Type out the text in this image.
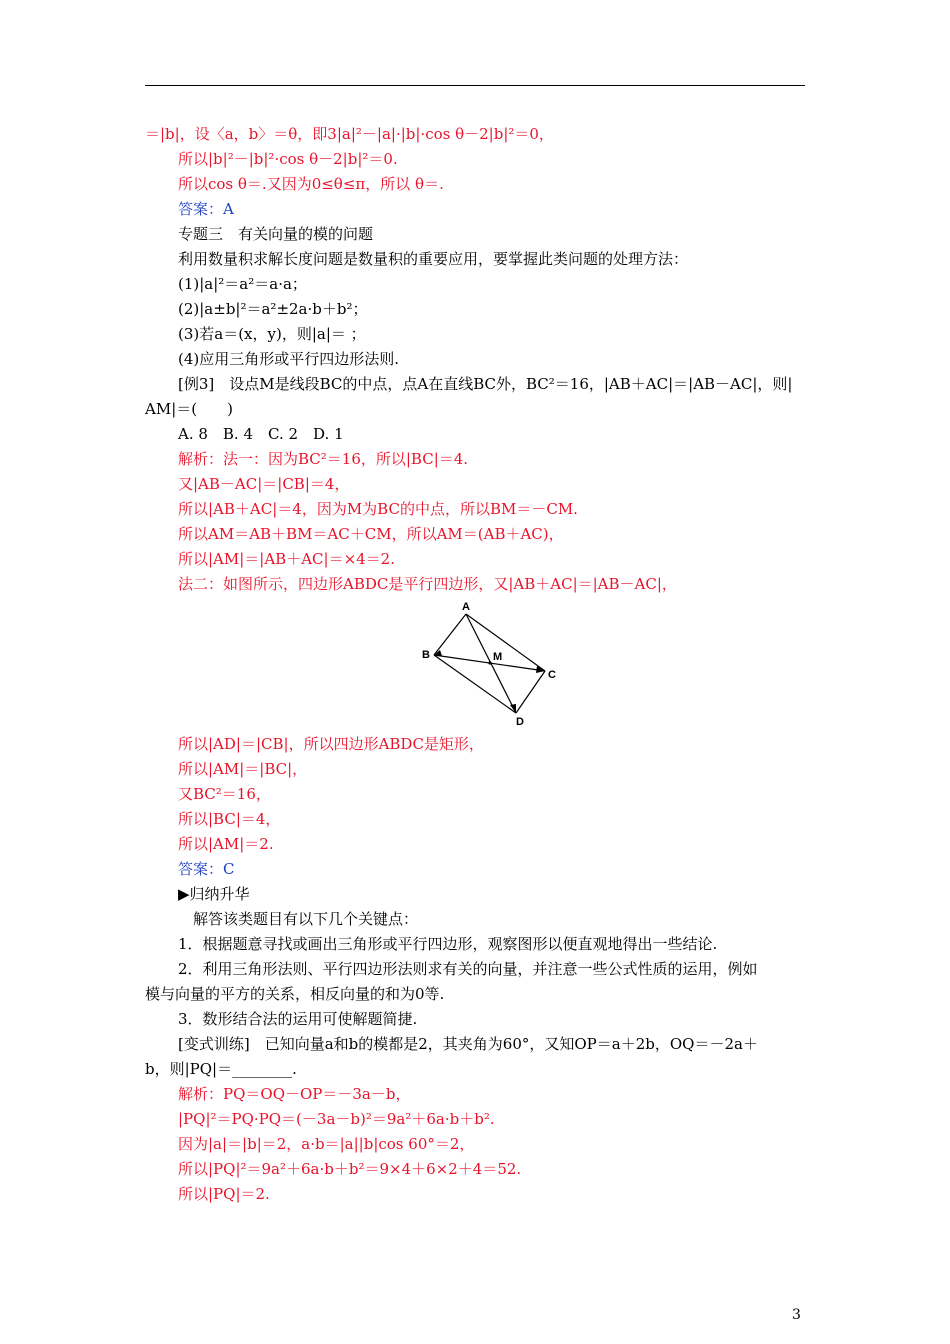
＝|b|，设〈a，b〉＝θ，即3|a|²－|a|·|b|·cos θ－2|b|²＝0，
所以|b|²－|b|²·cos θ－2|b|²＝0.
所以cos θ＝.又因为0≤θ≤π，所以 θ＝.
答案：A
专题三　有关向量的模的问题
利用数量积求解长度问题是数量积的重要应用，要掌握此类问题的处理方法：
(1)|a|²＝a²＝a·a；
(2)|a±b|²＝a²±2a·b＋b²；
(3)若a＝(x，y)，则|a|＝ ；
(4)应用三角形或平行四边形法则.
[例3]　设点M是线段BC的中点，点A在直线BC外，BC²＝16，|AB＋AC|＝|AB－AC|，则|
AM|＝(　　)
A. 8　B. 4　C. 2　D. 1
解析：法一：因为BC²＝16，所以|BC|＝4.
又|AB－AC|＝|CB|＝4，
所以|AB＋AC|＝4，因为M为BC的中点，所以BM＝－CM.
所以AM＝AB＋BM＝AC＋CM，所以AM＝(AB＋AC)，
所以|AM|＝|AB＋AC|＝×4＝2.
法二：如图所示，四边形ABDC是平行四边形，又|AB＋AC|＝|AB－AC|，
A
B	M
C
D
所以|AD|＝|CB|，所以四边形ABDC是矩形，
所以|AM|＝|BC|，
又BC²＝16，
所以|BC|＝4，
所以|AM|＝2.
答案：C
▶归纳升华
解答该类题目有以下几个关键点：
1．根据题意寻找或画出三角形或平行四边形，观察图形以便直观地得出一些结论.
2．利用三角形法则、平行四边形法则求有关的向量，并注意一些公式性质的运用，例如
模与向量的平方的关系，相反向量的和为0等.
3．数形结合法的运用可使解题简捷.
[变式训练]　已知向量a和b的模都是2，其夹角为60°，又知OP＝a＋2b，OQ＝－2a＋
b，则|PQ|＝________.
解析：PQ＝OQ－OP＝－3a－b，
|PQ|²＝PQ·PQ＝(－3a－b)²＝9a²＋6a·b＋b².
因为|a|＝|b|＝2，a·b＝|a||b|cos 60°＝2，
所以|PQ|²＝9a²＋6a·b＋b²＝9×4＋6×2＋4＝52.
所以|PQ|＝2.
3
